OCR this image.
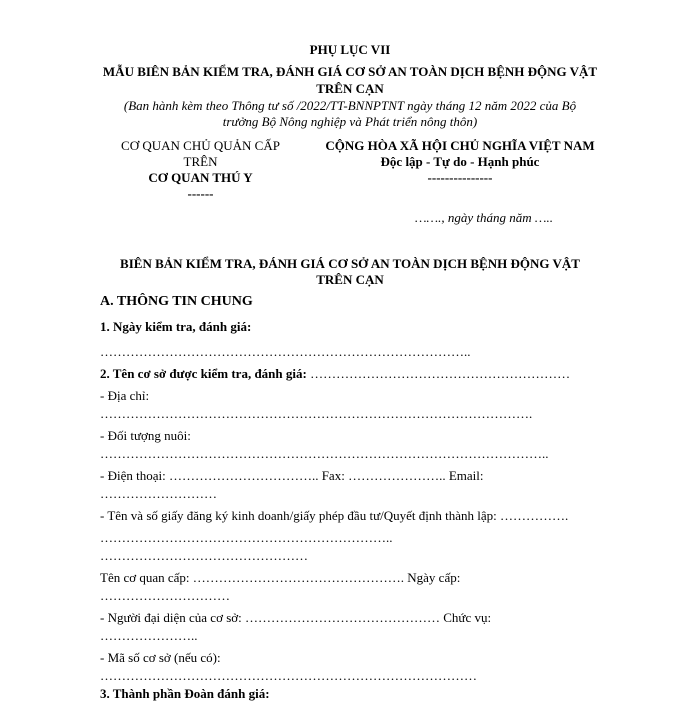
PHỤ LỤC VII
MẪU BIÊN BẢN KIỂM TRA, ĐÁNH GIÁ CƠ SỞ AN TOÀN DỊCH BỆNH ĐỘNG VẬT
TRÊN CẠN
(Ban hành kèm theo Thông tư số /2022/TT-BNNPTNT ngày tháng 12 năm 2022 của Bộ
trưởng Bộ Nông nghiệp và Phát triển nông thôn)
CƠ QUAN CHỦ QUẢN CẤP
TRÊN
CƠ QUAN THÚ Y
------
CỘNG HÒA XÃ HỘI CHỦ NGHĨA VIỆT NAM
Độc lập - Tự do - Hạnh phúc
---------------
……., ngày tháng năm …..
BIÊN BẢN KIỂM TRA, ĐÁNH GIÁ CƠ SỞ AN TOÀN DỊCH BỆNH ĐỘNG VẬT
TRÊN CẠN
A. THÔNG TIN CHUNG
1. Ngày kiểm tra, đánh giá:
…………………………………………………………………………..
2. Tên cơ sở được kiểm tra, đánh giá: ……………………………………………………
- Địa chỉ:
……………………………………………………………………………………….
- Đối tượng nuôi:
…………………………………………………………………………………………..
- Điện thoại: …………………………….. Fax: ………………….. Email:
………………………
- Tên và số giấy đăng ký kinh doanh/giấy phép đầu tư/Quyết định thành lập: …………….
…………………………………………………………..
…………………………………………
Tên cơ quan cấp: …………………………………………. Ngày cấp:
…………………………
- Người đại diện của cơ sở: ……………………………………… Chức vụ:
…………………..
- Mã số cơ sở (nếu có):
……………………………………………………………………………
3. Thành phần Đoàn đánh giá:
